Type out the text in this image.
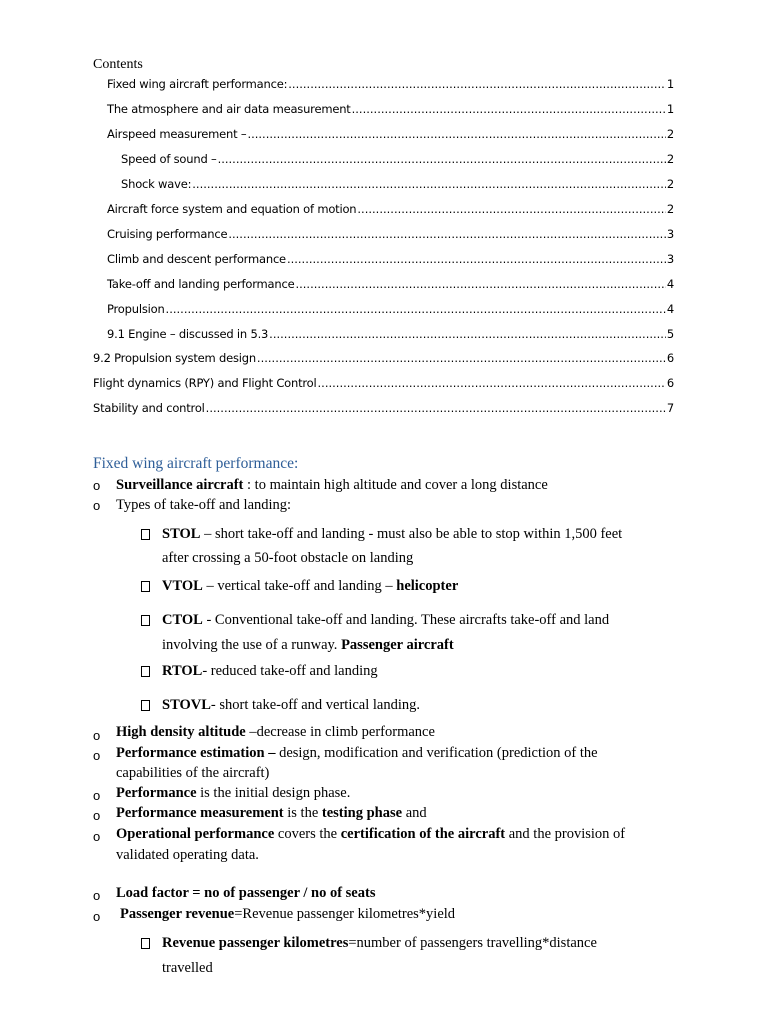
Contents
Fixed wing aircraft performance: .....	1
The atmosphere and air data measurement .....	1
Airspeed measurement – .....	2
Speed of sound – .....	2
Shock wave: .....	2
Aircraft force system and equation of motion .....	2
Cruising performance .....	3
Climb and descent performance .....	3
Take-off and landing performance .....	4
Propulsion .....	4
9.1 Engine – discussed in 5.3 .....	5
9.2 Propulsion system design .....	6
Flight dynamics (RPY) and Flight Control .....	6
Stability and control .....	7
Fixed wing aircraft performance:
o Surveillance aircraft : to maintain high altitude and cover a long distance
o Types of take-off and landing:
STOL – short take-off and landing - must also be able to stop within 1,500 feet
after crossing a 50-foot obstacle on landing
VTOL – vertical take-off and landing – helicopter
CTOL - Conventional take-off and landing. These aircrafts take-off and land
involving the use of a runway. Passenger aircraft
RTOL- reduced take-off and landing
STOVL- short take-off and vertical landing.
o High density altitude –decrease in climb performance
o Performance estimation – design, modification and verification (prediction of the
capabilities of the aircraft)
o Performance is the initial design phase.
o Performance measurement is the testing phase and
o Operational performance covers the certification of the aircraft and the provision of
validated operating data.
o Load factor = no of passenger / no of seats
o Passenger revenue=Revenue passenger kilometres*yield
Revenue passenger kilometres=number of passengers travelling*distance
travelled
